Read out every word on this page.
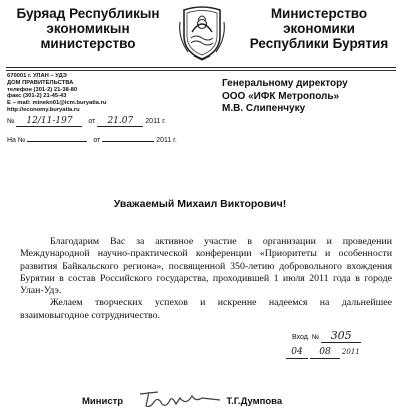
Буряад Республикын
экономикын
министерство
Министерство
экономики
Республики Бурятия
670001 г. УЛАН – УДЭ
ДОМ ПРАВИТЕЛЬСТВА
телефон (301-2) 21-38-80
факс (301-2) 21-45-43
E – mail: minekn01@icm.buryatia.ru
http://economy.buryatia.ru
№ 12/11-197 от 21.07 2011 г.
На №	от	2011 г.
Генеральному директору
ООО «ИФК Метрополь»
М.В. Слипенчуку
Уважаемый Михаил Викторович!

Благодарим Вас за активное участие в организации и проведении Международной научно-практической конференции «Приоритеты и особенности развития Байкальского региона», посвященной 350-летию добровольного вхождения Бурятии в состав Российского государства, проходившей 1 июля 2011 года в городе Улан-Удэ.

Желаем творческих успехов и искренне надеемся на дальнейшее взаимовыгодное сотрудничество.

Вход. № 305
04 08 2011
Министр	Т.Г.Думпова
